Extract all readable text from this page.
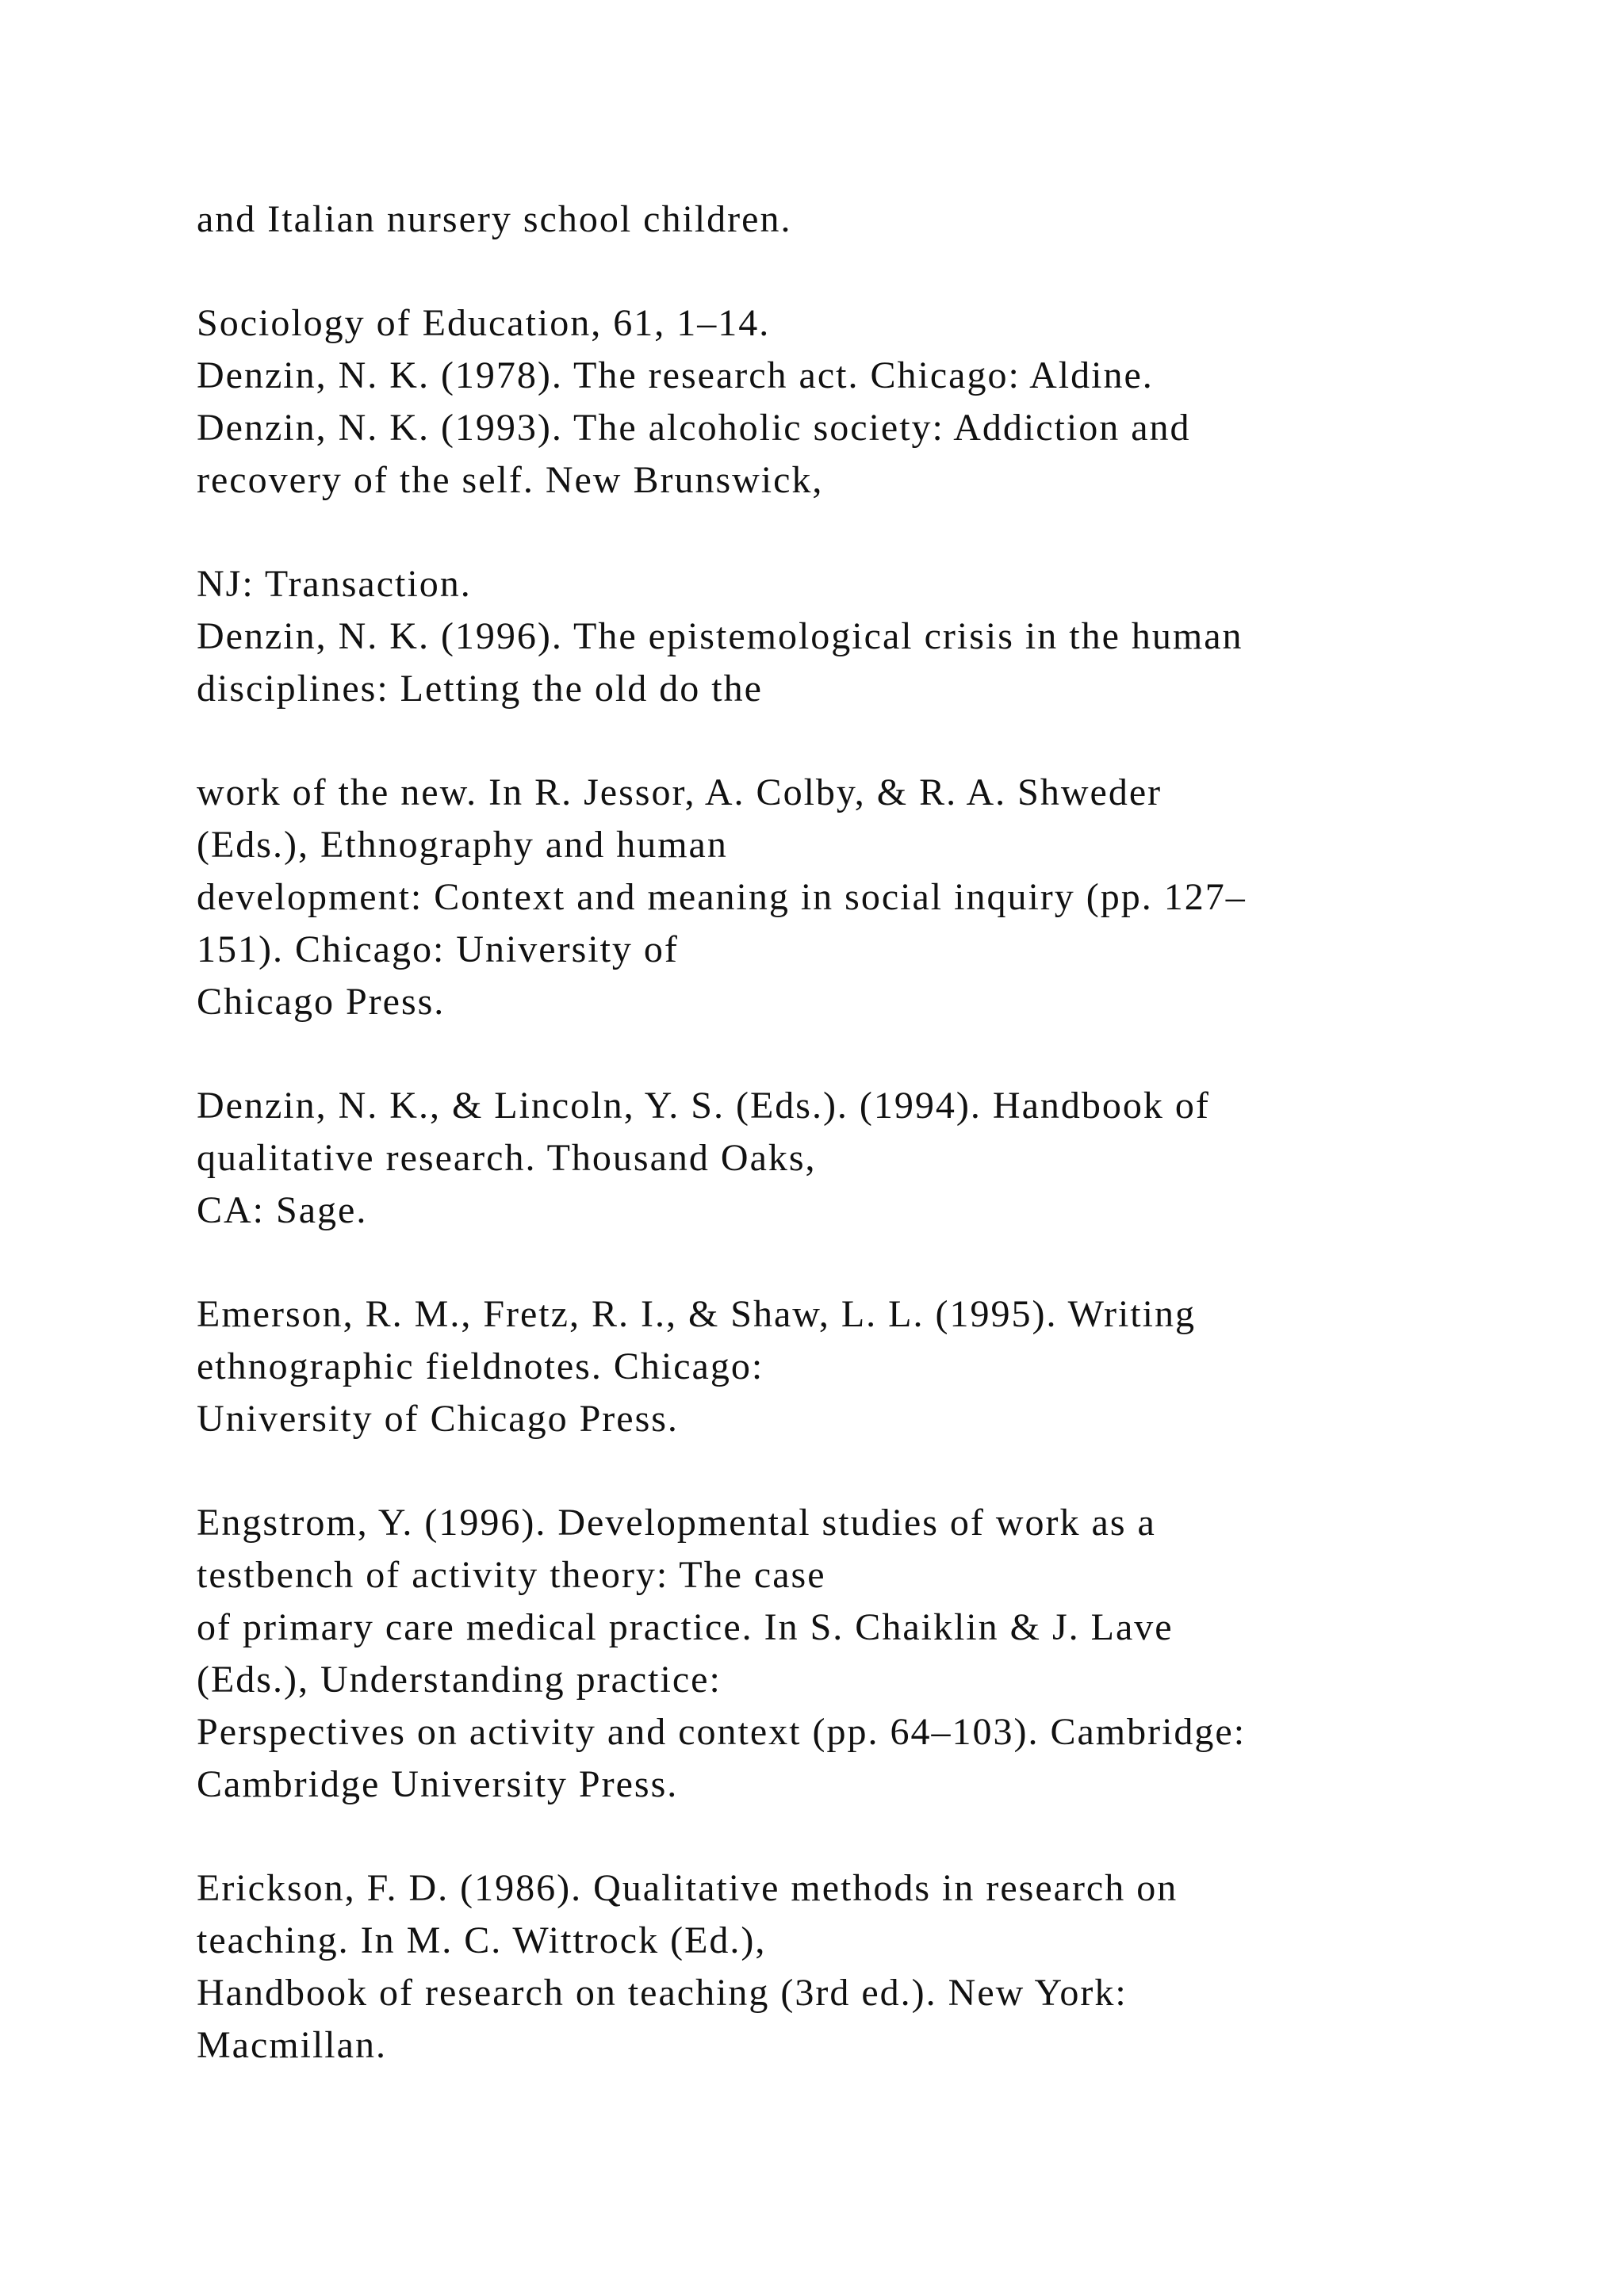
and Italian nursery school children.
Sociology of Education, 61, 1–14.
Denzin, N. K. (1978). The research act. Chicago: Aldine.
Denzin, N. K. (1993). The alcoholic society: Addiction and
recovery of the self. New Brunswick,
NJ: Transaction.
Denzin, N. K. (1996). The epistemological crisis in the human
disciplines: Letting the old do the
work of the new. In R. Jessor, A. Colby, & R. A. Shweder
(Eds.), Ethnography and human
development: Context and meaning in social inquiry (pp. 127–
151). Chicago: University of
Chicago Press.
Denzin, N. K., & Lincoln, Y. S. (Eds.). (1994). Handbook of
qualitative research. Thousand Oaks,
CA: Sage.
Emerson, R. M., Fretz, R. I., & Shaw, L. L. (1995). Writing
ethnographic fieldnotes. Chicago:
University of Chicago Press.
Engstrom, Y. (1996). Developmental studies of work as a
testbench of activity theory: The case
of primary care medical practice. In S. Chaiklin & J. Lave
(Eds.), Understanding practice:
Perspectives on activity and context (pp. 64–103). Cambridge:
Cambridge University Press.
Erickson, F. D. (1986). Qualitative methods in research on
teaching. In M. C. Wittrock (Ed.),
Handbook of research on teaching (3rd ed.). New York:
Macmillan.
